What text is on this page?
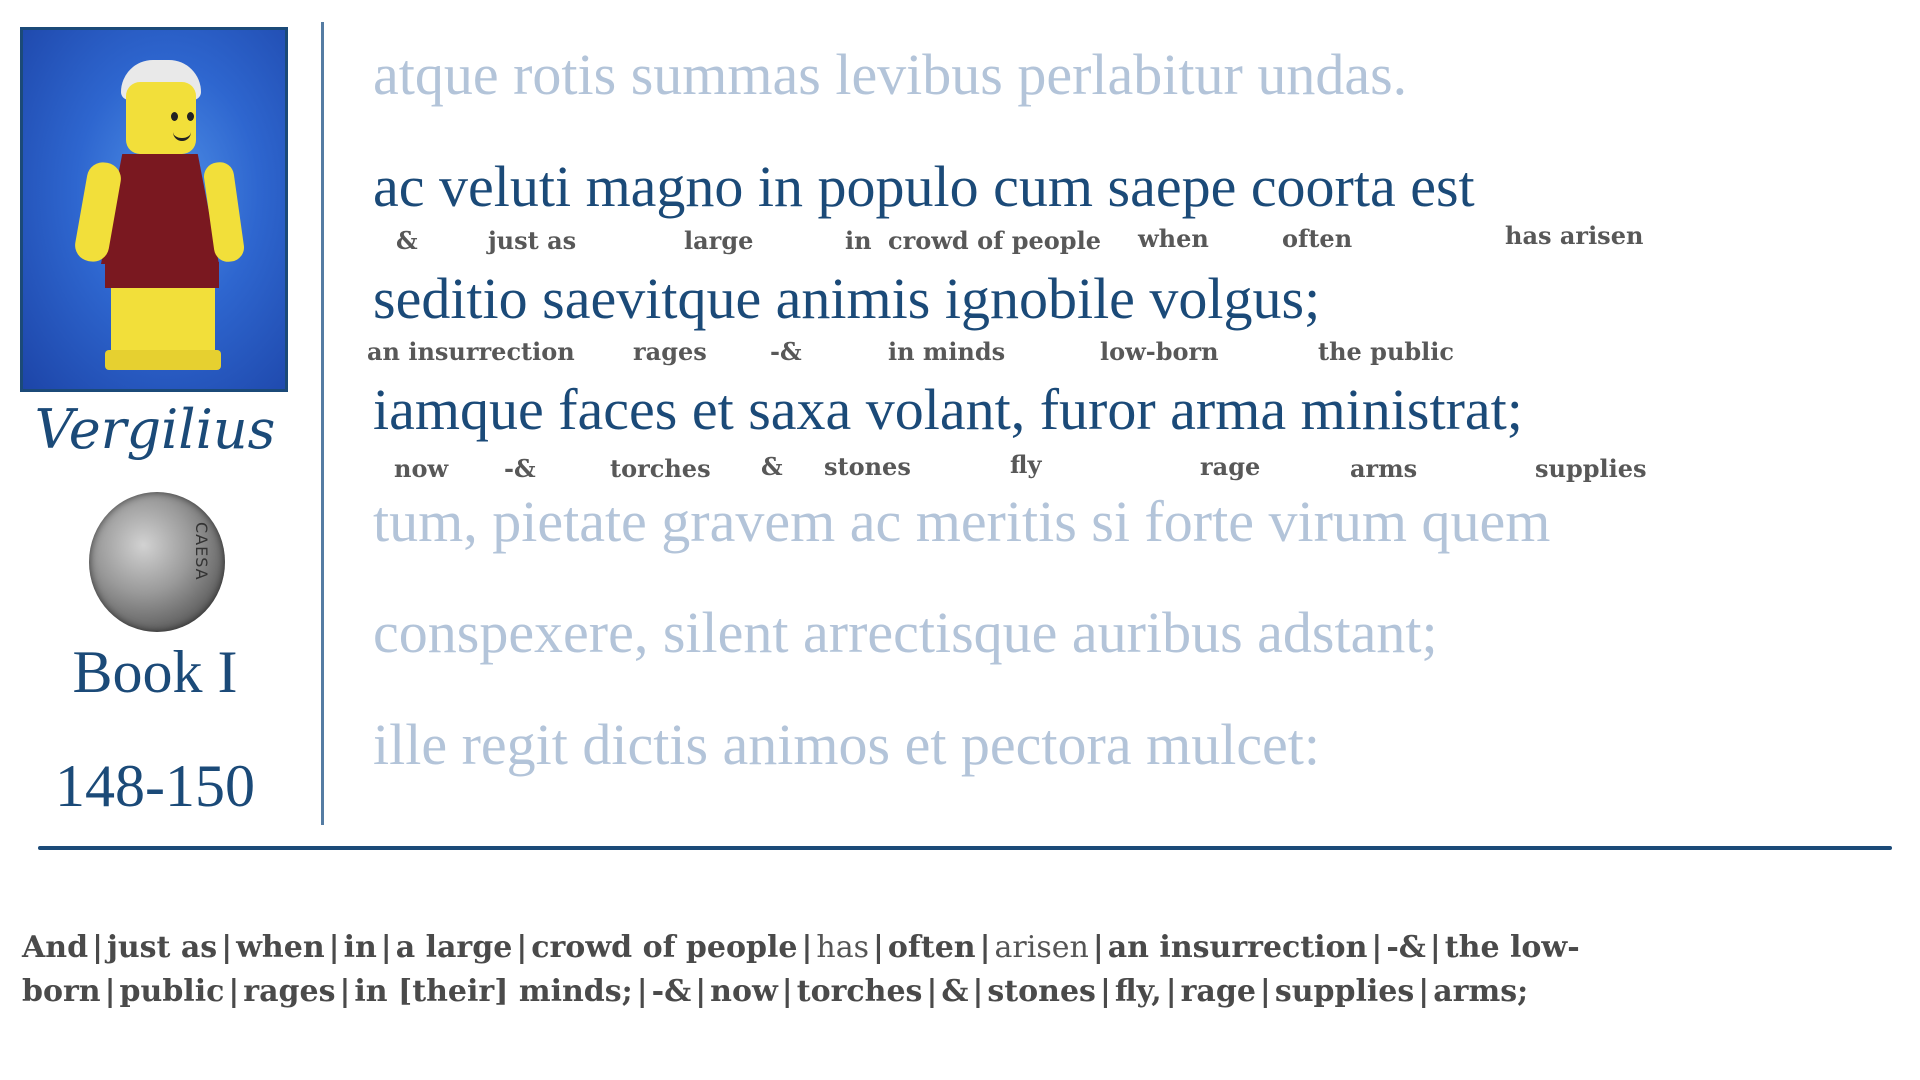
Vergilius
CAESA
Book I
148-150
atque rotis summas levibus perlabitur undas.
ac veluti magno in populo cum saepe coorta est
seditio saevitque animis ignobile volgus;
iamque faces et saxa volant, furor arma ministrat;
tum, pietate gravem ac meritis si forte virum quem
conspexere, silent arrectisque auribus adstant;
ille regit dictis animos et pectora mulcet:
&	just as	large	in crowd of people when	often	has arisen
an insurrection rages	-&	in minds	low-born	the public
now -&	torches & stones	fly	rage	arms	supplies
And | just as | when | in | a large | crowd of people | has | often | arisen | an insurrection | -& | the low-born | public | rages | in [their] minds; | -& | now | torches | & | stones | fly, | rage | supplies | arms;
